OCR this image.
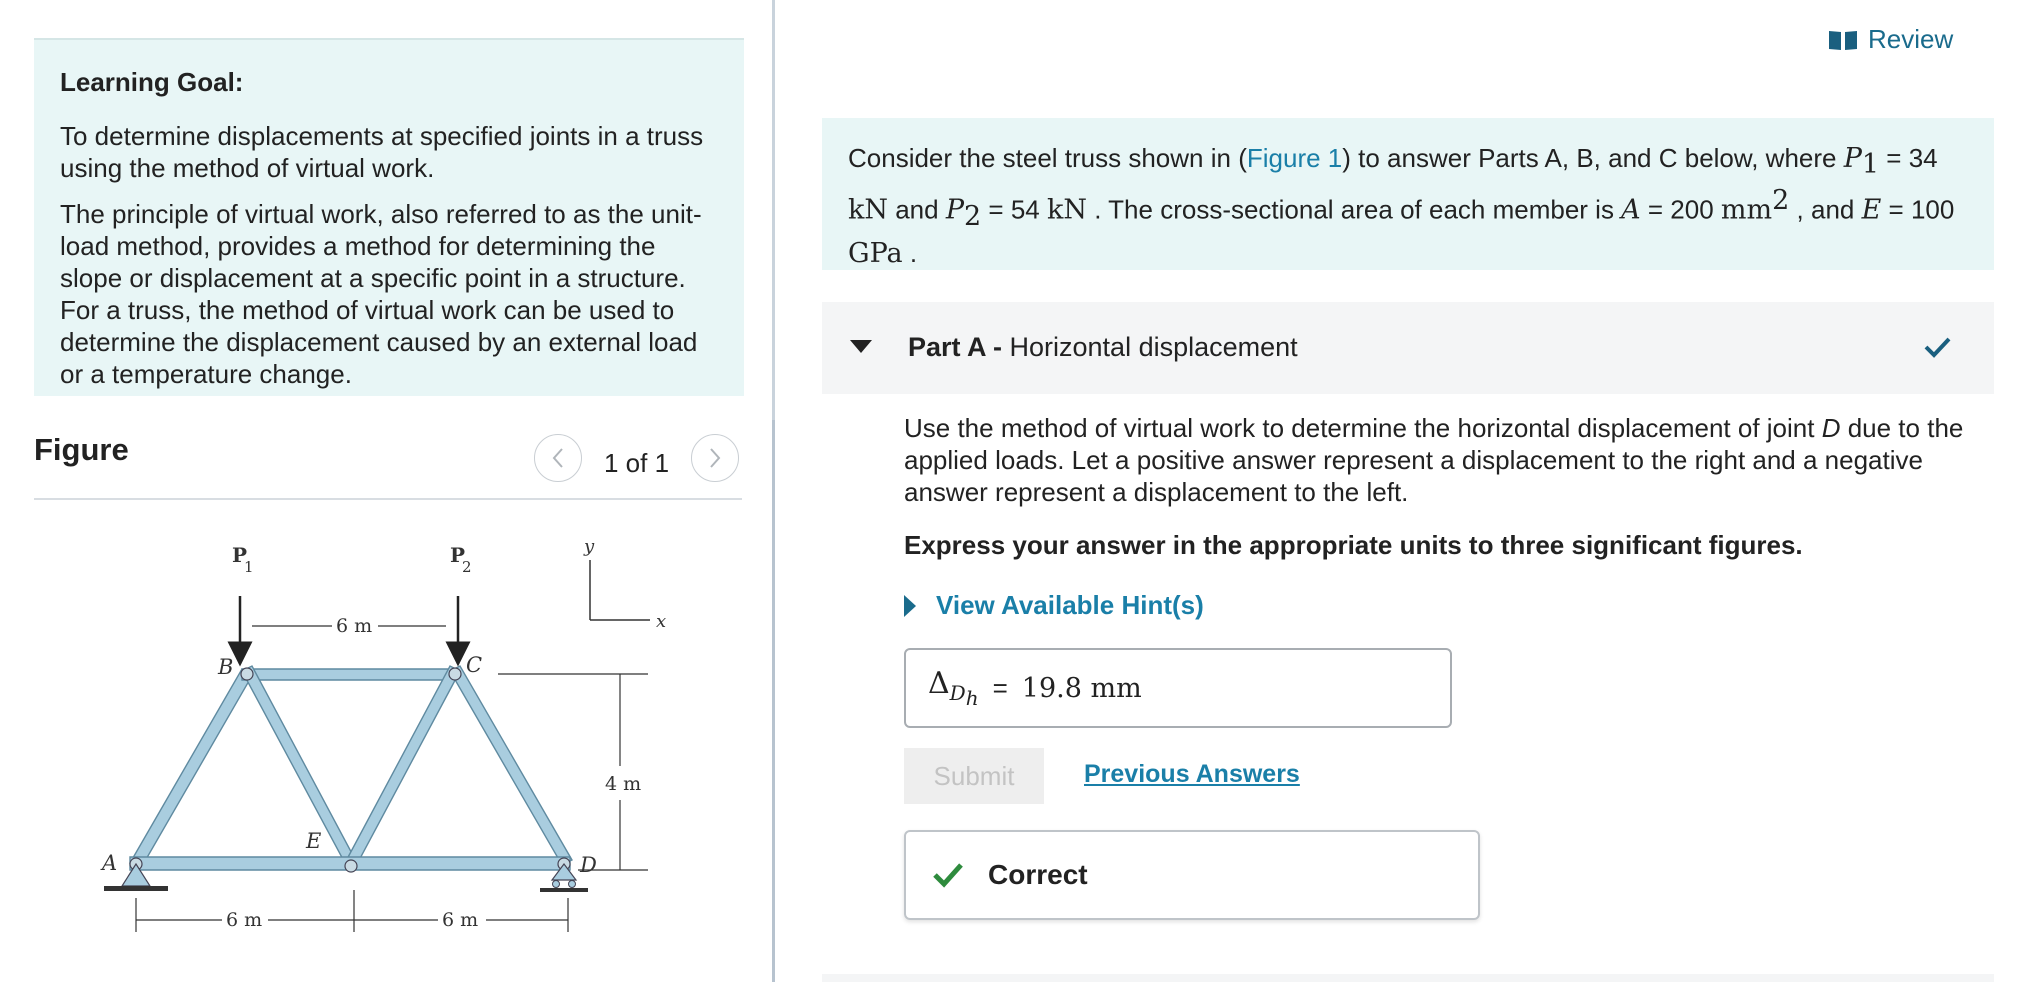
Learning Goal:

To determine displacements at specified joints in a truss using the method of virtual work.

The principle of virtual work, also referred to as the unit-load method, provides a method for determining the slope or displacement at a specific point in a structure. For a truss, the method of virtual work can be used to determine the displacement caused by an external load or a temperature change.

Figure	1 of 1
y
x
P
1	P
2
6 m
4 m
A
B	C
D
E
6 m	6 m
Review
Consider the steel truss shown in (Figure 1) to answer Parts A, B, and C below, where $P_1 = 34$
kN and $P_2 = 54$ kN . The cross-sectional area of each member is A = 200 $mm^2$ , and E = 100
GPa .
Part A - Horizontal displacement
Use the method of virtual work to determine the horizontal displacement of joint D due to the applied loads. Let a positive answer represent a displacement to the right and a negative answer represent a displacement to the left.
Express your answer in the appropriate units to three significant figures.
View Available Hint(s)
$\Delta_{D_h} = 19.8$ mm
Submit	Previous Answers
Correct
